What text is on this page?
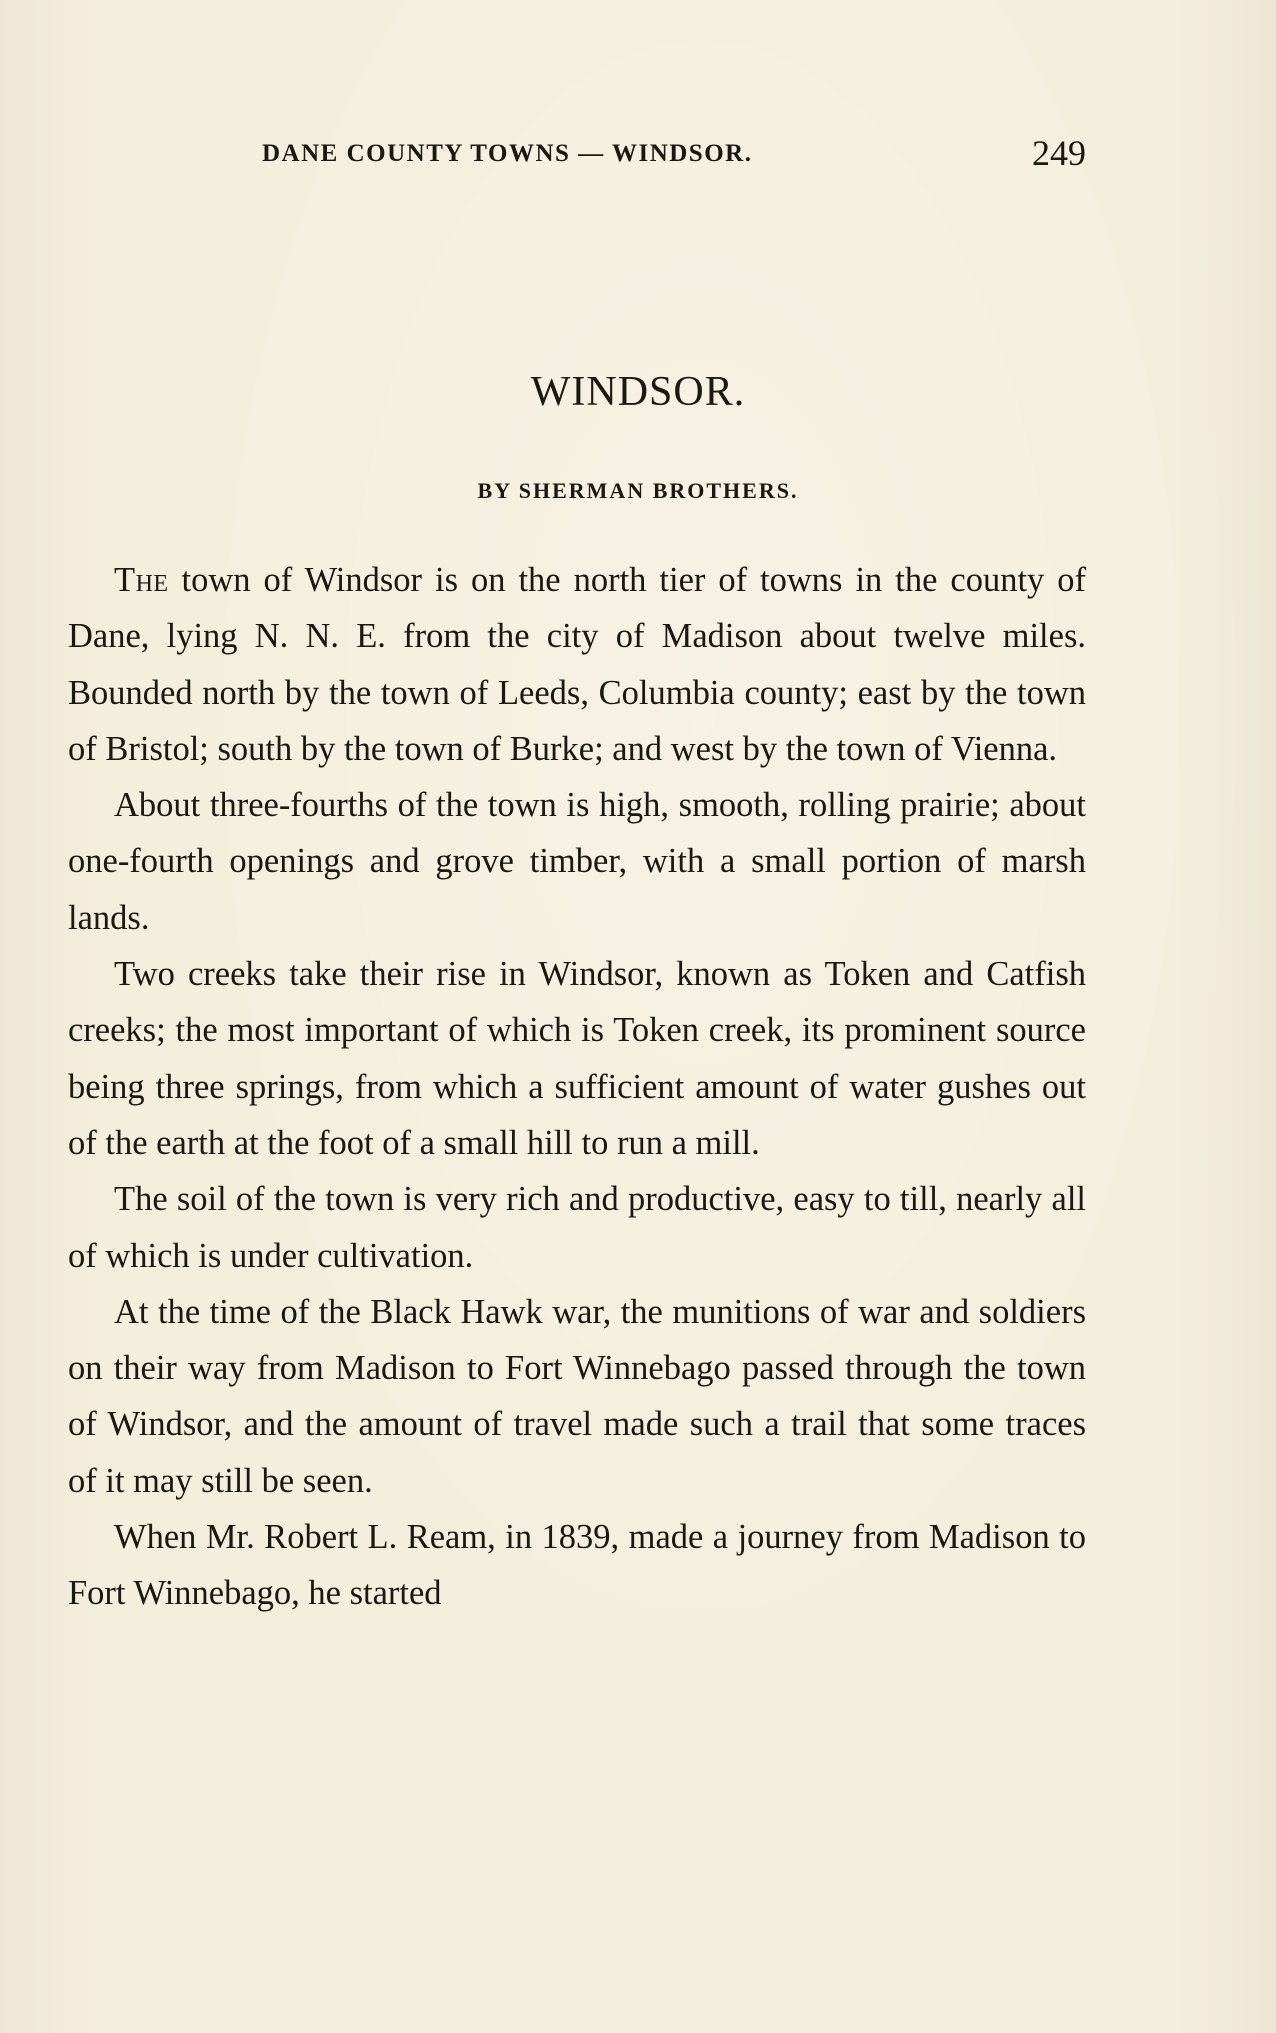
DANE COUNTY TOWNS — WINDSOR.	249
WINDSOR.
BY SHERMAN BROTHERS.

The town of Windsor is on the north tier of towns in the county of Dane, lying N. N. E. from the city of Madison about twelve miles. Bounded north by the town of Leeds, Columbia county; east by the town of Bristol; south by the town of Burke; and west by the town of Vienna.

About three-fourths of the town is high, smooth, rolling prairie; about one-fourth openings and grove timber, with a small portion of marsh lands.

Two creeks take their rise in Windsor, known as Token and Catfish creeks; the most important of which is Token creek, its prominent source being three springs, from which a sufficient amount of water gushes out of the earth at the foot of a small hill to run a mill.

The soil of the town is very rich and productive, easy to till, nearly all of which is under cultivation.

At the time of the Black Hawk war, the munitions of war and soldiers on their way from Madison to Fort Winnebago passed through the town of Windsor, and the amount of travel made such a trail that some traces of it may still be seen.

When Mr. Robert L. Ream, in 1839, made a journey from Madison to Fort Winnebago, he started
